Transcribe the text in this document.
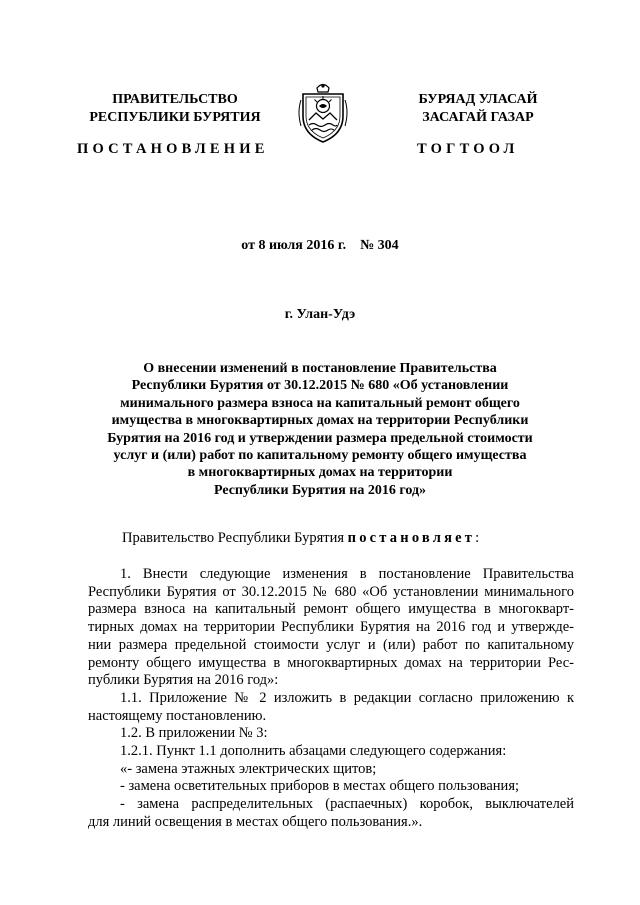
ПРАВИТЕЛЬСТВО
РЕСПУБЛИКИ БУРЯТИЯ
БУРЯАД УЛАСАЙ
ЗАСАГАЙ ГАЗАР
ПОСТАНОВЛЕНИЕ	ТОГТООЛ
от 8 июля 2016 г.    № 304
г. Улан-Удэ
О внесении изменений в постановление Правительства
Республики Бурятия от 30.12.2015 № 680 «Об установлении
минимального размера взноса на капитальный ремонт общего
имущества в многоквартирных домах на территории Республики
Бурятия на 2016 год и утверждении размера предельной стоимости
услуг и (или) работ по капитальному ремонту общего имущества
в многоквартирных домах на территории
Республики Бурятия на 2016 год»
Правительство Республики Бурятия постановляет:
1. Внести следующие изменения в постановление Правительства
Республики Бурятия от 30.12.2015 № 680 «Об установлении минимального
размера взноса на капитальный ремонт общего имущества в многокварт-
тирных домах на территории Республики Бурятия на 2016 год и утвержде-
нии размера предельной стоимости услуг и (или) работ по капитальному
ремонту общего имущества в многоквартирных домах на территории Рес-
публики Бурятия на 2016 год»:
1.1. Приложение № 2 изложить в редакции согласно приложению к
настоящему постановлению.

1.2. В приложении № 3:

1.2.1. Пункт 1.1 дополнить абзацами следующего содержания:

«- замена этажных электрических щитов;

- замена осветительных приборов в местах общего пользования;

- замена распределительных (распаечных) коробок, выключателей
для линий освещения в местах общего пользования.».
